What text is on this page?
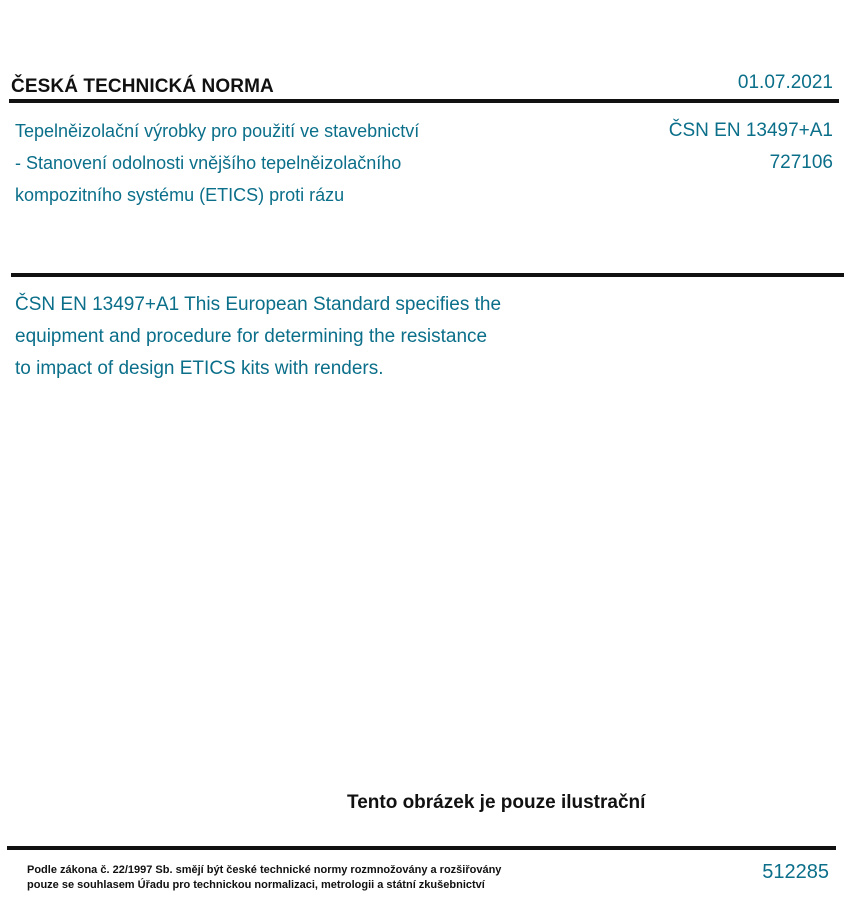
ČESKÁ TECHNICKÁ NORMA	01.07.2021
Tepelněizolační výrobky pro použití ve stavebnictví
- Stanovení odolnosti vnějšího tepelněizolačního
kompozitního systému (ETICS) proti rázu
ČSN EN 13497+A1
727106
ČSN EN 13497+A1 This European Standard specifies the
equipment and procedure for determining the resistance
to impact of design ETICS kits with renders.
Tento obrázek je pouze ilustrační
Podle zákona č. 22/1997 Sb. smějí být české technické normy rozmnožovány a rozšiřovány
pouze se souhlasem Úřadu pro technickou normalizaci, metrologii a státní zkušebnictví
512285
